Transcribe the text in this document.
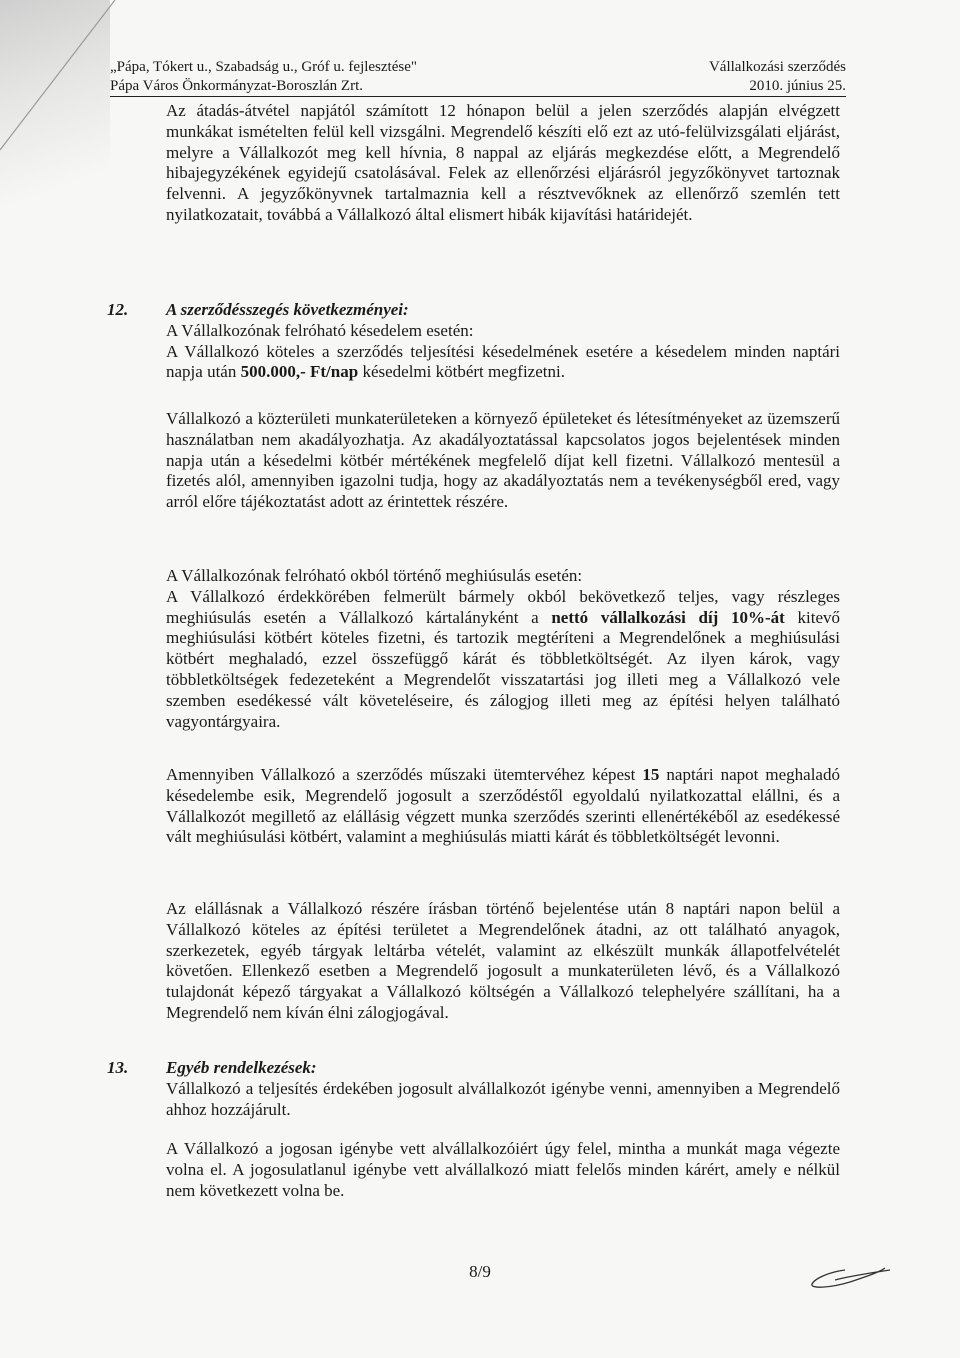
„Pápa, Tókert u., Szabadság u., Gróf u. fejlesztése"	Vállalkozási szerződés
Pápa Város Önkormányzat-Boroszlán Zrt.	2010. június 25.
Az átadás-átvétel napjától számított 12 hónapon belül a jelen szerződés alapján elvégzett munkákat ismételten felül kell vizsgálni. Megrendelő készíti elő ezt az utó-felülvizsgálati eljárást, melyre a Vállalkozót meg kell hívnia, 8 nappal az eljárás megkezdése előtt, a Megrendelő hibajegyzékének egyidejű csatolásával. Felek az ellenőrzési eljárásról jegyzőkönyvet tartoznak felvenni. A jegyzőkönyvnek tartalmaznia kell a résztvevőknek az ellenőrző szemlén tett nyilatkozatait, továbbá a Vállalkozó által elismert hibák kijavítási határidejét.
12. A szerződésszegés következményei:
A Vállalkozónak felróható késedelem esetén:
A Vállalkozó köteles a szerződés teljesítési késedelmének esetére a késedelem minden naptári napja után 500.000,- Ft/nap késedelmi kötbért megfizetni.
Vállalkozó a közterületi munkaterületeken a környező épületeket és létesítményeket az üzemszerű használatban nem akadályozhatja. Az akadályoztatással kapcsolatos jogos bejelentések minden napja után a késedelmi kötbér mértékének megfelelő díjat kell fizetni. Vállalkozó mentesül a fizetés alól, amennyiben igazolni tudja, hogy az akadályoztatás nem a tevékenységből ered, vagy arról előre tájékoztatást adott az érintettek részére.
A Vállalkozónak felróható okból történő meghiúsulás esetén:
A Vállalkozó érdekkörében felmerült bármely okból bekövetkező teljes, vagy részleges meghiúsulás esetén a Vállalkozó kártalányként a nettó vállalkozási díj 10%-át kitevő meghiúsulási kötbért köteles fizetni, és tartozik megtéríteni a Megrendelőnek a meghiúsulási kötbért meghaladó, ezzel összefüggő kárát és többletköltségét. Az ilyen károk, vagy többletköltségek fedezeteként a Megrendelőt visszatartási jog illeti meg a Vállalkozó vele szemben esedékessé vált követeléseire, és zálogjog illeti meg az építési helyen található vagyontárgyaira.
Amennyiben Vállalkozó a szerződés műszaki ütemtervéhez képest 15 naptári napot meghaladó késedelembe esik, Megrendelő jogosult a szerződéstől egyoldalú nyilatkozattal elállni, és a Vállalkozót megillető az elállásig végzett munka szerződés szerinti ellenértékéből az esedékessé vált meghiúsulási kötbért, valamint a meghiúsulás miatti kárát és többletköltségét levonni.
Az elállásnak a Vállalkozó részére írásban történő bejelentése után 8 naptári napon belül a Vállalkozó köteles az építési területet a Megrendelőnek átadni, az ott található anyagok, szerkezetek, egyéb tárgyak leltárba vételét, valamint az elkészült munkák állapotfelvételét követően. Ellenkező esetben a Megrendelő jogosult a munkaterületen lévő, és a Vállalkozó tulajdonát képező tárgyakat a Vállalkozó költségén a Vállalkozó telephelyére szállítani, ha a Megrendelő nem kíván élni zálogjogával.
13. Egyéb rendelkezések:
Vállalkozó a teljesítés érdekében jogosult alvállalkozót igénybe venni, amennyiben a Megrendelő ahhoz hozzájárult.
A Vállalkozó a jogosan igénybe vett alvállalkozóiért úgy felel, mintha a munkát maga végezte volna el. A jogosulatlanul igénybe vett alvállalkozó miatt felelős minden kárért, amely e nélkül nem következett volna be.
8/9
